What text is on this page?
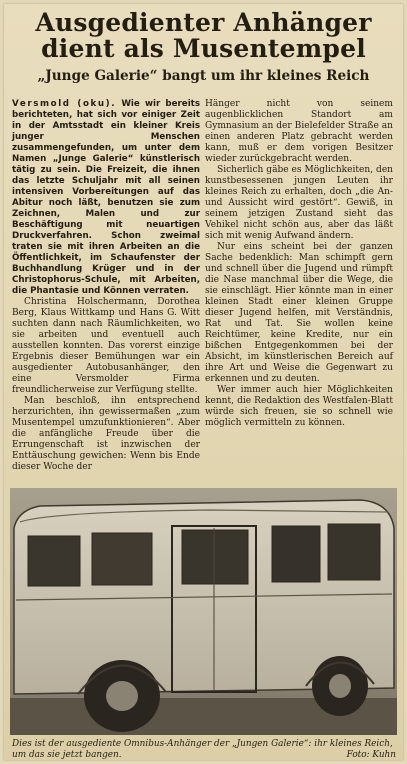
Ausgedienter Anhänger
dient als Musentempel
„Junge Galerie“ bangt um ihr kleines Reich

Versmold (oku). Wie wir bereits berichteten, hat sich vor einiger Zeit in der Amtsstadt ein kleiner Kreis junger Menschen zusammengefunden, um unter dem Namen „Junge Galerie“ künstlerisch tätig zu sein. Die Freizeit, die ihnen das letzte Schuljahr mit all seinen intensiven Vorbereitungen auf das Abitur noch läßt, benutzen sie zum Zeichnen, Malen und zur Beschäftigung mit neuartigen Druckverfahren. Schon zweimal traten sie mit ihren Arbeiten an die Öffentlichkeit, im Schaufenster der Buchhandlung Krüger und in der Christophorus-Schule, mit Arbeiten, die Phantasie und Können verraten.

Christina Holschermann, Dorothea Berg, Klaus Wittkamp und Hans G. Witt suchten dann nach Räumlichkeiten, wo sie arbeiten und eventuell auch ausstellen konnten. Das vorerst einzige Ergebnis dieser Bemühungen war ein ausgedienter Autobusanhänger, den eine Versmolder Firma freundlicherweise zur Verfügung stellte.

Man beschloß, ihn entsprechend herzurichten, ihn gewissermaßen „zum Musentempel umzufunktionieren“. Aber die anfängliche Freude über die Errungenschaft ist inzwischen der Enttäuschung gewichen: Wenn bis Ende dieser Woche der

Hänger nicht von seinem augenblicklichen Standort am Gymnasium an der Bielefelder Straße an einen anderen Platz gebracht werden kann, muß er dem vorigen Besitzer wieder zurückgebracht werden.

Sicherlich gäbe es Möglichkeiten, den kunstbesessenen jungen Leuten ihr kleines Reich zu erhalten, doch „die An- und Aussicht wird gestört“. Gewiß, in seinem jetzigen Zustand sieht das Vehikel nicht schön aus, aber das läßt sich mit wenig Aufwand ändern.

Nur eins scheint bei der ganzen Sache bedenklich: Man schimpft gern und schnell über die Jugend und rümpft die Nase manchmal über die Wege, die sie einschlägt. Hier könnte man in einer kleinen Stadt einer kleinen Gruppe dieser Jugend helfen, mit Verständnis, Rat und Tat. Sie wollen keine Reichtümer, keine Kredite, nur ein bißchen Entgegenkommen bei der Absicht, im künstlerischen Bereich auf ihre Art und Weise die Gegenwart zu erkennen und zu deuten.

Wer immer auch hier Möglichkeiten kennt, die Redaktion des Westfalen-Blatt würde sich freuen, sie so schnell wie möglich vermitteln zu können.

Dies ist der ausgediente Omnibus-Anhänger der „Jungen Galerie“: ihr kleines Reich, um das sie jetzt bangen.	Foto: Kuhn
